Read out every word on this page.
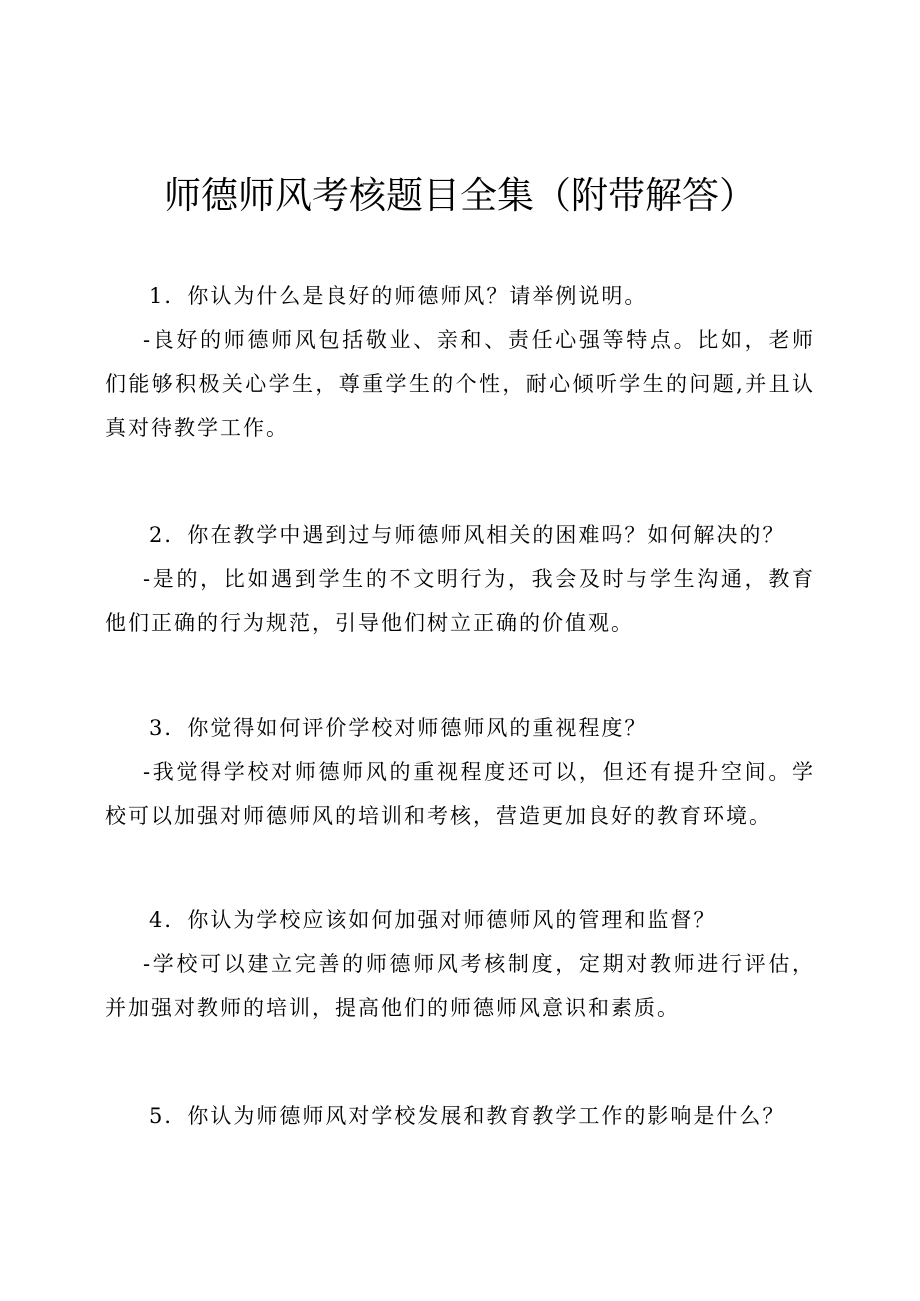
师德师风考核题目全集（附带解答）
1．你认为什么是良好的师德师风？请举例说明。
-良好的师德师风包括敬业、亲和、责任心强等特点。比如，老师
们能够积极关心学生，尊重学生的个性，耐心倾听学生的问题,并且认
真对待教学工作。
2．你在教学中遇到过与师德师风相关的困难吗？如何解决的？
-是的，比如遇到学生的不文明行为，我会及时与学生沟通，教育
他们正确的行为规范，引导他们树立正确的价值观。
3．你觉得如何评价学校对师德师风的重视程度？
-我觉得学校对师德师风的重视程度还可以，但还有提升空间。学
校可以加强对师德师风的培训和考核，营造更加良好的教育环境。
4．你认为学校应该如何加强对师德师风的管理和监督？
-学校可以建立完善的师德师风考核制度，定期对教师进行评估，
并加强对教师的培训，提高他们的师德师风意识和素质。
5．你认为师德师风对学校发展和教育教学工作的影响是什么？
